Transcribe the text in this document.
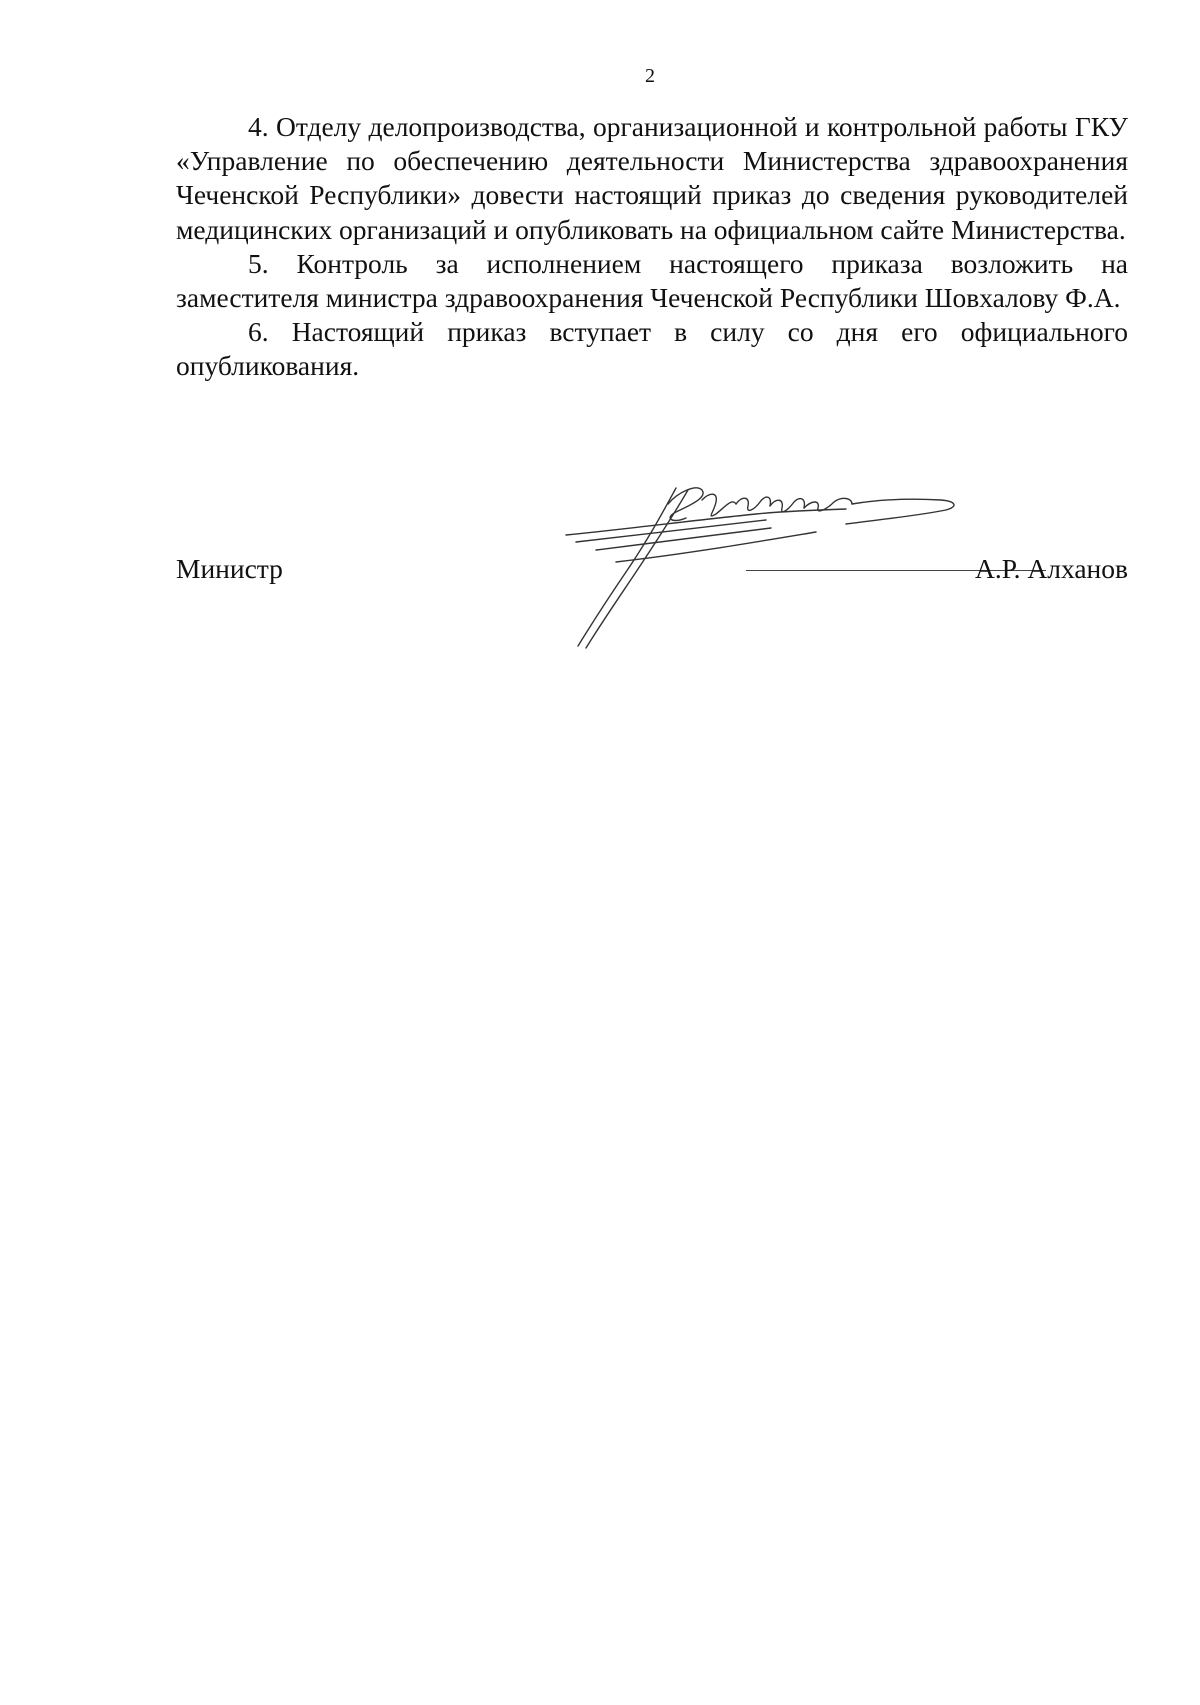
2

4. Отделу делопроизводства, организационной и контрольной работы ГКУ «Управление по обеспечению деятельности Министерства здравоохранения Чеченской Республики» довести настоящий приказ до сведения руководителей медицинских организаций и опубликовать на официальном сайте Министерства.

5. Контроль за исполнением настоящего приказа возложить на заместителя министра здравоохранения Чеченской Республики Шовхалову Ф.А.

6. Настоящий приказ вступает в силу со дня его официального опубликования.

Министр	А.Р. Алханов
